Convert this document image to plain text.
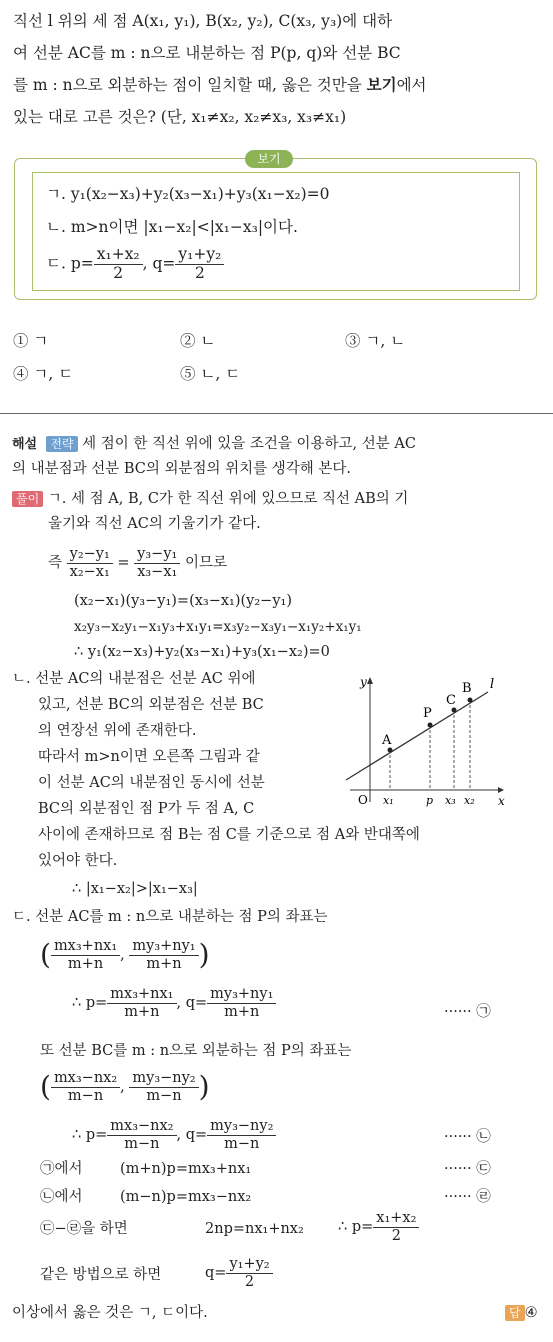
직선 l 위의 세 점 A(x₁, y₁), B(x₂, y₂), C(x₃, y₃)에 대하
여 선분 AC를 m : n으로 내분하는 점 P(p, q)와 선분 BC
를 m : n으로 외분하는 점이 일치할 때, 옳은 것만을 보기에서
있는 대로 고른 것은? (단, x₁≠x₂, x₂≠x₃, x₃≠x₁)
보기
ㄱ. y₁(x₂−x₃)+y₂(x₃−x₁)+y₃(x₁−x₂)=0
ㄴ. m>n이면 |x₁−x₂|<|x₁−x₃|이다.
ㄷ. $p= \frac{\text{x₁+x₂}}{2}$ , $q= \frac{\text{y₁+y₂}}{2}$
① ㄱ	② ㄴ	③ ㄱ, ㄴ
④ ㄱ, ㄷ	⑤ ㄴ, ㄷ
해설 전략 세 점이 한 직선 위에 있을 조건을 이용하고, 선분 AC
의 내분점과 선분 BC의 외분점의 위치를 생각해 본다.
풀이 ㄱ. 세 점 A, B, C가 한 직선 위에 있으므로 직선 AB의 기
울기와 직선 AC의 기울기가 같다.
즉 $\frac{\text{y₂−y₁}}{\text{x₂−x₁}} = \frac{\text{y₃−y₁}}{\text{x₃−x₁}}$ 이므로
(x₂−x₁)(y₃−y₁)=(x₃−x₁)(y₂−y₁)
x₂y₃−x₂y₁−x₁y₃+x₁y₁=x₃y₂−x₃y₁−x₁y₂+x₁y₁
∴ y₁(x₂−x₃)+y₂(x₃−x₁)+y₃(x₁−x₂)=0
ㄴ. 선분 AC의 내분점은 선분 AC 위에
있고, 선분 BC의 외분점은 선분 BC
의 연장선 위에 존재한다.
따라서 m>n이면 오른쪽 그림과 같
이 선분 AC의 내분점인 동시에 선분
BC의 외분점인 점 P가 두 점 A, C
사이에 존재하므로 점 B는 점 C를 기준으로 점 A와 반대쪽에
있어야 한다.
∴ |x₁−x₂|>|x₁−x₃|
y
x
O
l
A
P
C
B
x₁	p x₃ x₂
ㄷ. 선분 AC를 m : n으로 내분하는 점 P의 좌표는
( $\frac{\text{mx₃+nx₁}}{m+n}$ , $\frac{\text{my₃+ny₁}}{m+n}$ )
∴ $p= \frac{\text{mx₃+nx₁}}{m+n}$ , $q= \frac{\text{my₃+ny₁}}{m+n}$	······ ㉠
또 선분 BC를 m : n으로 외분하는 점 P의 좌표는
( $\frac{\text{mx₃−nx₂}}{m-n}$ , $\frac{\text{my₃−ny₂}}{m-n}$ )
∴ $p= \frac{\text{mx₃−nx₂}}{m-n}$ , $q= \frac{\text{my₃−ny₂}}{m-n}$	······ ㉡
㉠에서	(m+n)p=mx₃+nx₁	······ ㉢
㉡에서	(m−n)p=mx₃−nx₂	······ ㉣
㉢−㉣을 하면	2np=nx₁+nx₂ ∴ $p= \frac{\text{x₁+x₂}}{2}$
같은 방법으로 하면	$q= \frac{\text{y₁+y₂}}{2}$
이상에서 옳은 것은 ㄱ, ㄷ이다.	답 ④
